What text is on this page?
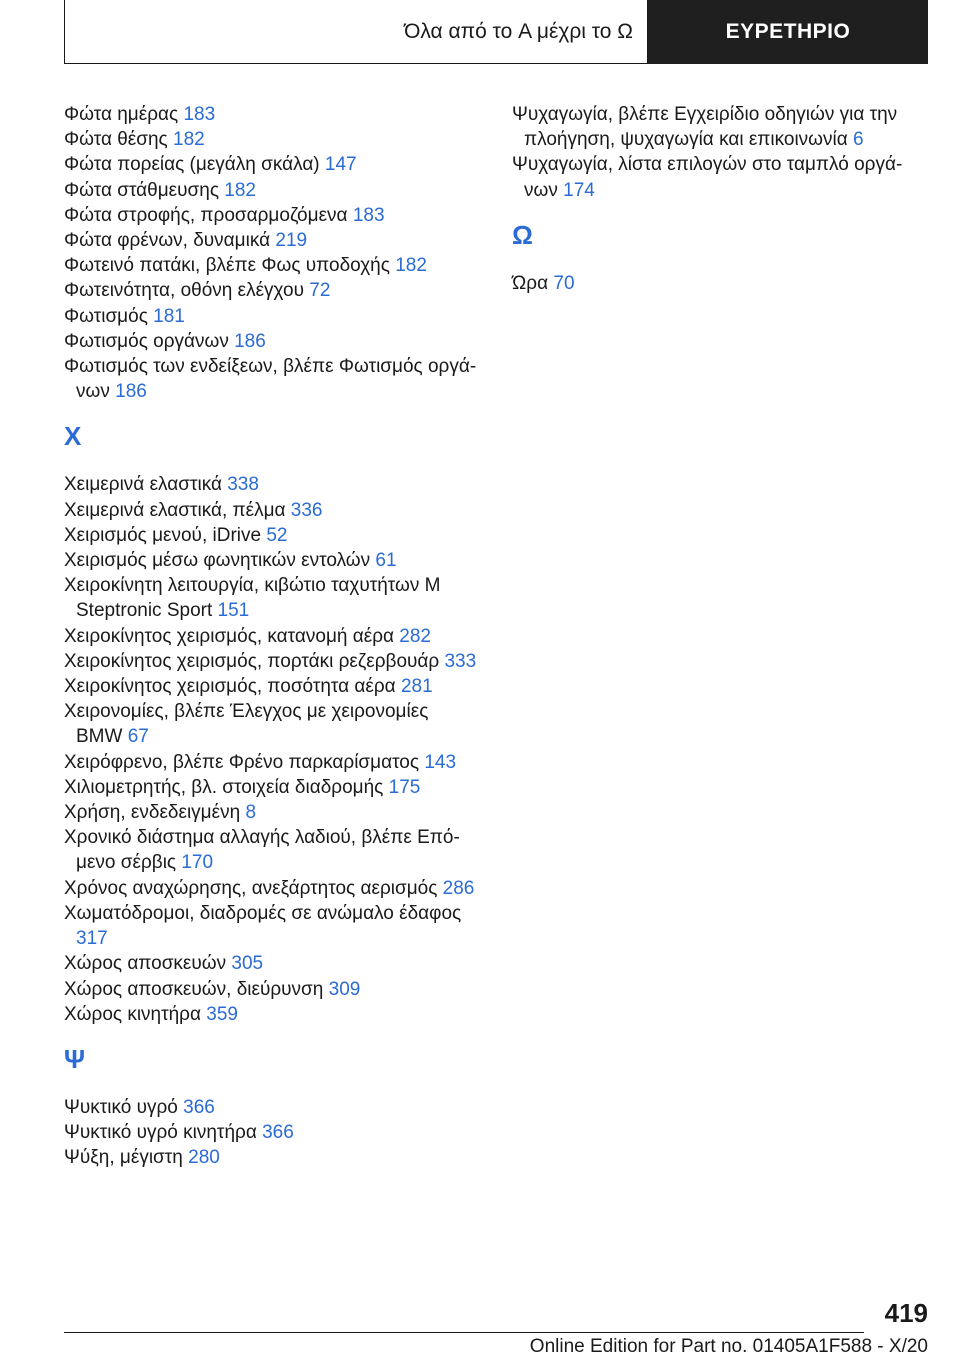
Όλα από το A μέχρι το Ω	ΕΥΡΕΤΗΡΙΟ
Φώτα ημέρας 183
Φώτα θέσης 182
Φώτα πορείας (μεγάλη σκάλα) 147
Φώτα στάθμευσης 182
Φώτα στροφής, προσαρμοζόμενα 183
Φώτα φρένων, δυναμικά 219
Φωτεινό πατάκι, βλέπε Φως υποδοχής 182
Φωτεινότητα, οθόνη ελέγχου 72
Φωτισμός 181
Φωτισμός οργάνων 186
Φωτισμός των ενδείξεων, βλέπε Φωτισμός οργάνων 186
Χ
Χειμερινά ελαστικά 338
Χειμερινά ελαστικά, πέλμα 336
Χειρισμός μενού, iDrive 52
Χειρισμός μέσω φωνητικών εντολών 61
Χειροκίνητη λειτουργία, κιβώτιο ταχυτήτων M Steptronic Sport 151
Χειροκίνητος χειρισμός, κατανομή αέρα 282
Χειροκίνητος χειρισμός, πορτάκι ρεζερβουάρ 333
Χειροκίνητος χειρισμός, ποσότητα αέρα 281
Χειρονομίες, βλέπε Έλεγχος με χειρονομίες BMW 67
Χειρόφρενο, βλέπε Φρένο παρκαρίσματος 143
Χιλιομετρητής, βλ. στοιχεία διαδρομής 175
Χρήση, ενδεδειγμένη 8
Χρονικό διάστημα αλλαγής λαδιού, βλέπε Επόμενο σέρβις 170
Χρόνος αναχώρησης, ανεξάρτητος αερισμός 286
Χωματόδρομοι, διαδρομές σε ανώμαλο έδαφος 317
Χώρος αποσκευών 305
Χώρος αποσκευών, διεύρυνση 309
Χώρος κινητήρα 359
Ψ
Ψυκτικό υγρό 366
Ψυκτικό υγρό κινητήρα 366
Ψύξη, μέγιστη 280
Ψυχαγωγία, βλέπε Εγχειρίδιο οδηγιών για την πλοήγηση, ψυχαγωγία και επικοινωνία 6
Ψυχαγωγία, λίστα επιλογών στο ταμπλό οργάνων 174
Ω
Ώρα 70
419
Online Edition for Part no. 01405A1F588 - X/20
